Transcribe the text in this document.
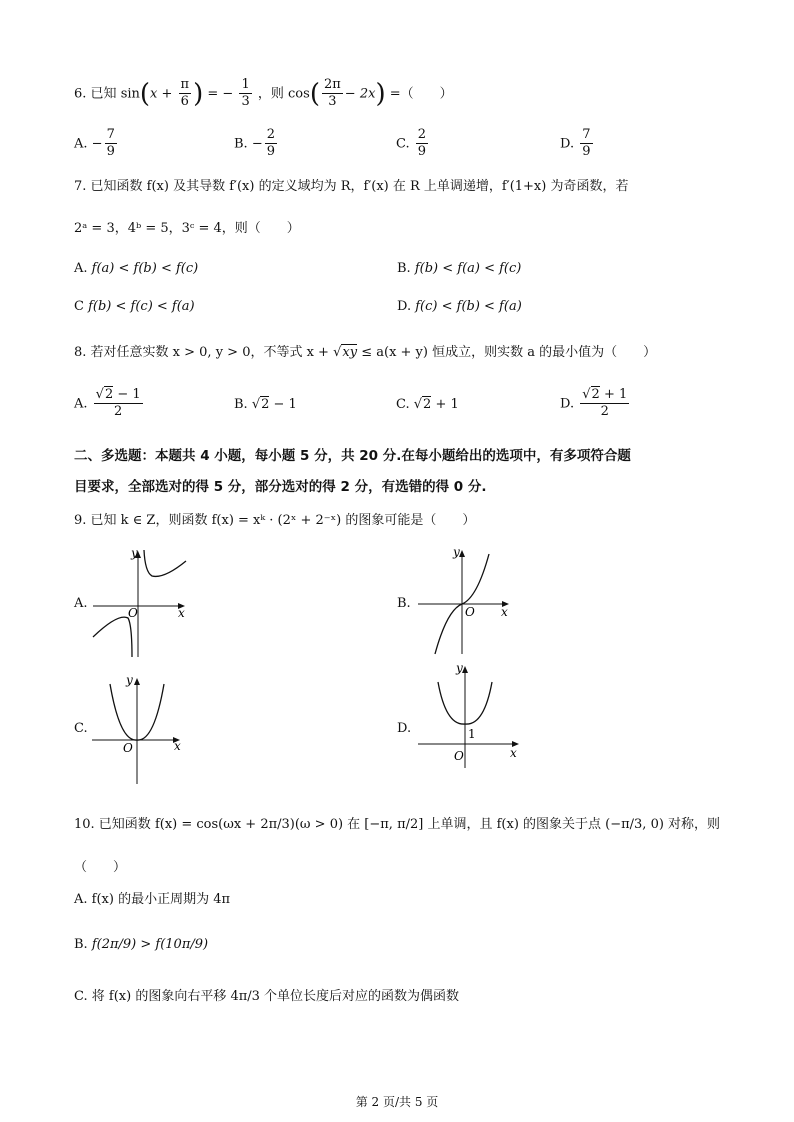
6. 已知 $\sin(x + \frac{\pi}{6}$ ) = − $\frac{1}{3}$ ，则 $\cos( \frac{2\pi}{3} - 2x)$ =（　　）
A. − $\frac{7}{9}$	B. − $\frac{2}{9}$	C. $\frac{2}{9}$	D. $\frac{7}{9}$
7. 已知函数 f(x) 及其导数 f′(x) 的定义域均为 R，f′(x) 在 R 上单调递增，f′(1+x) 为奇函数，若
2ᵃ = 3，4ᵇ = 5，3ᶜ = 4，则（　　）
A. f(a) < f(b) < f(c)	B. f(b) < f(a) < f(c)
C f(b) < f(c) < f(a)	D. f(c) < f(b) < f(a)
8. 若对任意实数 x > 0, y > 0，不等式 x + √xy ≤ a(x + y) 恒成立，则实数 a 的最小值为（　　）
A. $\frac{√2 - 1}{2}$	B. √2 − 1	C. √2 + 1	D. $\frac{√2 + 1}{2}$
二、多选题：本题共 4 小题，每小题 5 分，共 20 分.在每小题给出的选项中，有多项符合题
目要求，全部选对的得 5 分，部分选对的得 2 分，有选错的得 0 分.
9. 已知 k ∈ Z，则函数 f(x) = xᵏ · (2ˣ + 2⁻ˣ) 的图象可能是（　　）
A.
y
x
O
B.
y
x
O
C.
y
x
O
D.
y
x
O
1
10. 已知函数 f(x) = cos(ωx + 2π/3)(ω > 0) 在 [−π, π/2] 上单调，且 f(x) 的图象关于点 (−π/3, 0) 对称，则
（　　）
A. f(x) 的最小正周期为 4π
B. f(2π/9) > f(10π/9)
C. 将 f(x) 的图象向右平移 4π/3 个单位长度后对应的函数为偶函数
第 2 页/共 5 页
